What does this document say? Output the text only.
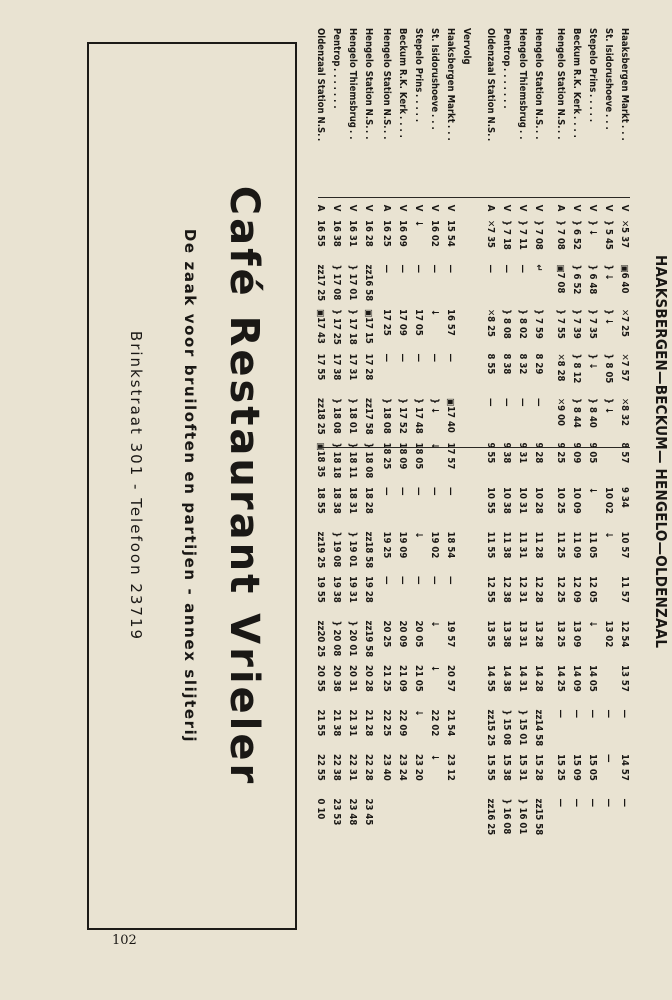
HAAKSBERGEN—BECKUM— HENGELO—OLDENZAAL
Haaksbergen Markt
. . .
V
✕5 37
▣6 40
✕7 25
✕7 57
✕8 32
8 57
9 34
10 57
11 57
12 54
13 57
—
14 57
—
St. Isidorushoeve
. . .
V
} 5 45
} ↓
} ↓
} 8 05
} ↓
10 02
↓
13 02
—
—
—
Stepelo Prins
. . . . .
V
} ↓
} 6 48
} 7 35
} ↓
} 8 40
9 05
↓
11 05
12 05
↓
14 05
—
15 05
—
Beckum R.K. Kerk
. . . .
V
} 6 52
} 6 52
} 7 39
} 8 12
} 8 44
9 09
10 09
11 09
12 09
13 09
14 09
—
15 09
—
Hengelo Station N.S.
. .
A
} 7 08
▣7 08
} 7 55
✕8 28
✕9 00
9 25
10 25
11 25
12 25
13 25
14 25
—
15 25
—
Hengelo Station N.S.
. .
V
} 7 08
↵
} 7 59
8 29
—
9 28
10 28
11 28
12 28
13 28
14 28
zz14 58
15 28
zz15 58
Hengelo Thiemsbrug
. .
V
} 7 11
—
} 8 02
8 32
—
9 31
10 31
11 31
12 31
13 31
14 31
} 15 01
15 31
} 16 01
Pentrop
. . . . . . .
V
} 7 18
—
} 8 08
8 38
—
9 38
10 38
11 38
12 38
13 38
14 38
} 15 08
15 38
} 16 08
Oldenzaal Station N.S.
.
A
✕7 35
—
✕8 25
8 55
—
9 55
10 55
11 55
12 55
13 55
14 55
zz15 25
15 55
zz16 25
Vervolg
Haaksbergen Markt
. . .
V
15 54
—
16 57
—
▣17 40
17 57
—
18 54
—
19 57
20 57
21 54
23 12
St. Isidorushoeve
. . .
V
16 02
—
↓
—
} ↓
↓
—
19 02
—
↓
↓
22 02
↓
Stepelo Prins
. . . . .
V
↓
—
17 05
—
} 17 48
18 05
—
↓
—
20 05
21 05
↓
23 20
Beckum R.K. Kerk
. . . .
V
16 09
—
17 09
—
} 17 52
18 09
—
19 09
—
20 09
21 09
22 09
23 24
Hengelo Station N.S.
. .
A
16 25
—
17 25
—
} 18 08
18 25
—
19 25
—
20 25
21 25
22 25
23 40
Hengelo Station N.S.
. .
V
16 28
zz16 58
▣17 15
17 28
zz17 58
} 18 08
18 28
zz18 58
19 28
zz19 58
20 28
21 28
22 28
23 45
Hengelo Thiemsbrug
. .
V
16 31
} 17 01
} 17 18
17 31
} 18 01
} 18 11
18 31
} 19 01
19 31
} 20 01
20 31
21 31
22 31
23 48
Pentrop
. . . . . . .
V
16 38
} 17 08
} 17 25
17 38
} 18 08
} 18 18
18 38
} 19 08
19 38
} 20 08
20 38
21 38
22 38
23 53
Oldenzaal Station N.S.
.
A
16 55
zz17 25
▣17 43
17 55
zz18 25
▣18 35
18 55
zz19 25
19 55
zz20 25
20 55
21 55
22 55
0 10
Café Restaurant Vrieler
De zaak voor bruiloften en partijen - annex slijterij
Brinkstraat 301 - Telefoon 23719
102
